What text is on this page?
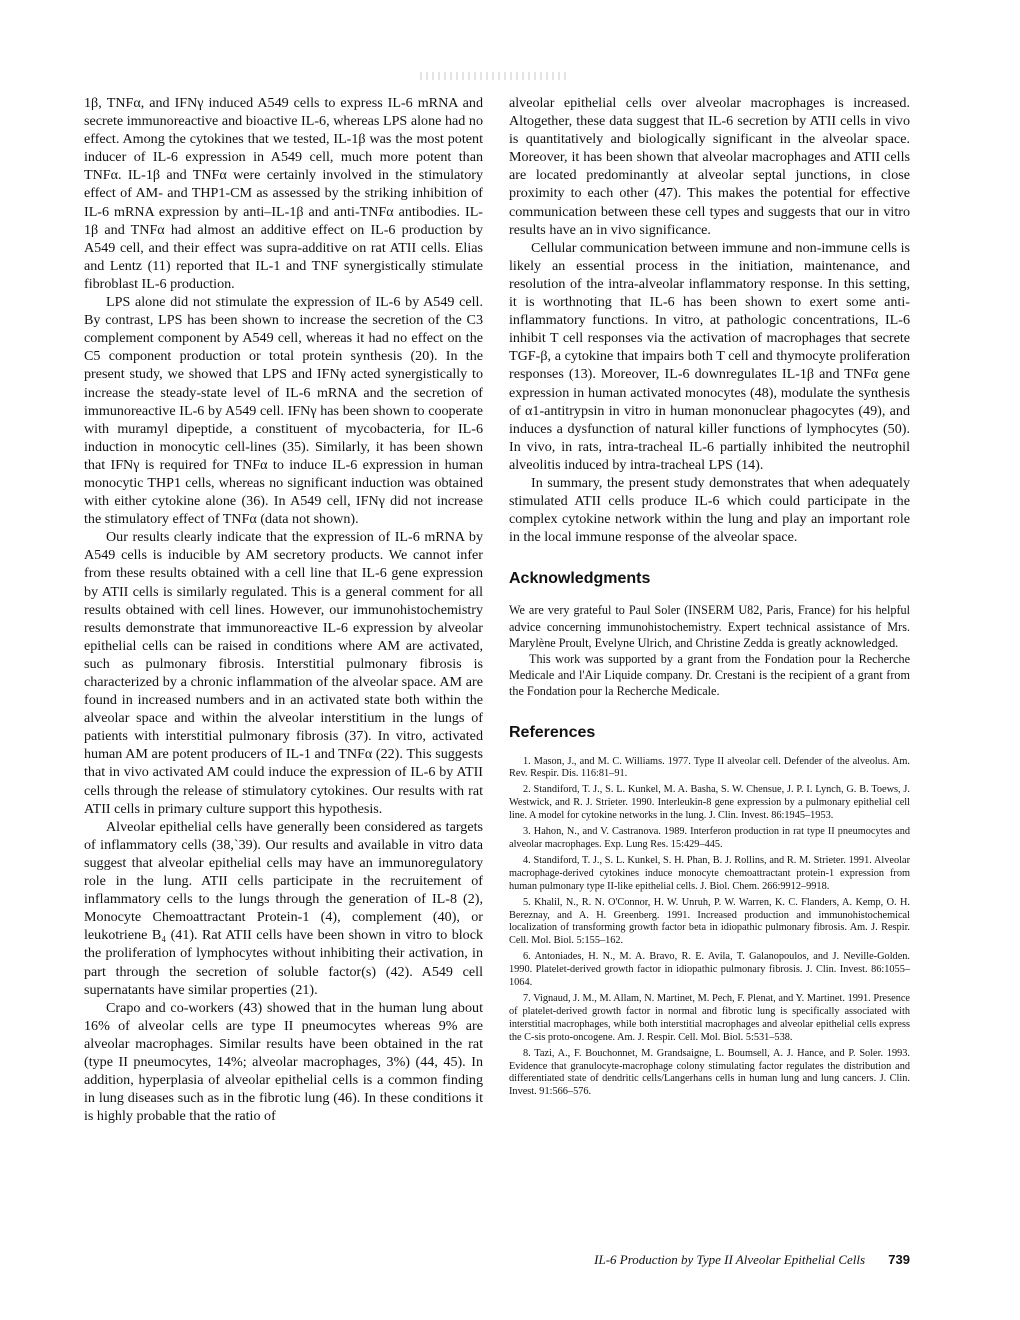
1β, TNFα, and IFNγ induced A549 cells to express IL-6 mRNA and secrete immunoreactive and bioactive IL-6, whereas LPS alone had no effect. Among the cytokines that we tested, IL-1β was the most potent inducer of IL-6 expression in A549 cell, much more potent than TNFα. IL-1β and TNFα were certainly involved in the stimulatory effect of AM- and THP1-CM as assessed by the striking inhibition of IL-6 mRNA expression by anti–IL-1β and anti-TNFα antibodies. IL-1β and TNFα had almost an additive effect on IL-6 production by A549 cell, and their effect was supra-additive on rat ATII cells. Elias and Lentz (11) reported that IL-1 and TNF synergistically stimulate fibroblast IL-6 production.

LPS alone did not stimulate the expression of IL-6 by A549 cell. By contrast, LPS has been shown to increase the secretion of the C3 complement component by A549 cell, whereas it had no effect on the C5 component production or total protein synthesis (20). In the present study, we showed that LPS and IFNγ acted synergistically to increase the steady-state level of IL-6 mRNA and the secretion of immunoreactive IL-6 by A549 cell. IFNγ has been shown to cooperate with muramyl dipeptide, a constituent of mycobacteria, for IL-6 induction in monocytic cell-lines (35). Similarly, it has been shown that IFNγ is required for TNFα to induce IL-6 expression in human monocytic THP1 cells, whereas no significant induction was obtained with either cytokine alone (36). In A549 cell, IFNγ did not increase the stimulatory effect of TNFα (data not shown).

Our results clearly indicate that the expression of IL-6 mRNA by A549 cells is inducible by AM secretory products. We cannot infer from these results obtained with a cell line that IL-6 gene expression by ATII cells is similarly regulated. This is a general comment for all results obtained with cell lines. However, our immunohistochemistry results demonstrate that immunoreactive IL-6 expression by alveolar epithelial cells can be raised in conditions where AM are activated, such as pulmonary fibrosis. Interstitial pulmonary fibrosis is characterized by a chronic inflammation of the alveolar space. AM are found in increased numbers and in an activated state both within the alveolar space and within the alveolar interstitium in the lungs of patients with interstitial pulmonary fibrosis (37). In vitro, activated human AM are potent producers of IL-1 and TNFα (22). This suggests that in vivo activated AM could induce the expression of IL-6 by ATII cells through the release of stimulatory cytokines. Our results with rat ATII cells in primary culture support this hypothesis.

Alveolar epithelial cells have generally been considered as targets of inflammatory cells (38,`39). Our results and available in vitro data suggest that alveolar epithelial cells may have an immunoregulatory role in the lung. ATII cells participate in the recruitement of inflammatory cells to the lungs through the generation of IL-8 (2), Monocyte Chemoattractant Protein-1 (4), complement (40), or leukotriene B₄ (41). Rat ATII cells have been shown in vitro to block the proliferation of lymphocytes without inhibiting their activation, in part through the secretion of soluble factor(s) (42). A549 cell supernatants have similar properties (21).

Crapo and co-workers (43) showed that in the human lung about 16% of alveolar cells are type II pneumocytes whereas 9% are alveolar macrophages. Similar results have been obtained in the rat (type II pneumocytes, 14%; alveolar macrophages, 3%) (44, 45). In addition, hyperplasia of alveolar epithelial cells is a common finding in lung diseases such as in the fibrotic lung (46). In these conditions it is highly probable that the ratio of

alveolar epithelial cells over alveolar macrophages is increased. Altogether, these data suggest that IL-6 secretion by ATII cells in vivo is quantitatively and biologically significant in the alveolar space. Moreover, it has been shown that alveolar macrophages and ATII cells are located predominantly at alveolar septal junctions, in close proximity to each other (47). This makes the potential for effective communication between these cell types and suggests that our in vitro results have an in vivo significance.

Cellular communication between immune and non-immune cells is likely an essential process in the initiation, maintenance, and resolution of the intra-alveolar inflammatory response. In this setting, it is worthnoting that IL-6 has been shown to exert some anti-inflammatory functions. In vitro, at pathologic concentrations, IL-6 inhibit T cell responses via the activation of macrophages that secrete TGF-β, a cytokine that impairs both T cell and thymocyte proliferation responses (13). Moreover, IL-6 downregulates IL-1β and TNFα gene expression in human activated monocytes (48), modulate the synthesis of α1-antitrypsin in vitro in human mononuclear phagocytes (49), and induces a dysfunction of natural killer functions of lymphocytes (50). In vivo, in rats, intra-tracheal IL-6 partially inhibited the neutrophil alveolitis induced by intra-tracheal LPS (14).

In summary, the present study demonstrates that when adequately stimulated ATII cells produce IL-6 which could participate in the complex cytokine network within the lung and play an important role in the local immune response of the alveolar space.

Acknowledgments

We are very grateful to Paul Soler (INSERM U82, Paris, France) for his helpful advice concerning immunohistochemistry. Expert technical assistance of Mrs. Marylène Proult, Evelyne Ulrich, and Christine Zedda is greatly acknowledged.

This work was supported by a grant from the Fondation pour la Recherche Medicale and l'Air Liquide company. Dr. Crestani is the recipient of a grant from the Fondation pour la Recherche Medicale.

References
1. Mason, J., and M. C. Williams. 1977. Type II alveolar cell. Defender of the alveolus. Am. Rev. Respir. Dis. 116:81–91.
2. Standiford, T. J., S. L. Kunkel, M. A. Basha, S. W. Chensue, J. P. I. Lynch, G. B. Toews, J. Westwick, and R. J. Strieter. 1990. Interleukin-8 gene expression by a pulmonary epithelial cell line. A model for cytokine networks in the lung. J. Clin. Invest. 86:1945–1953.
3. Hahon, N., and V. Castranova. 1989. Interferon production in rat type II pneumocytes and alveolar macrophages. Exp. Lung Res. 15:429–445.
4. Standiford, T. J., S. L. Kunkel, S. H. Phan, B. J. Rollins, and R. M. Strieter. 1991. Alveolar macrophage-derived cytokines induce monocyte chemoattractant protein-1 expression from human pulmonary type II-like epithelial cells. J. Biol. Chem. 266:9912–9918.
5. Khalil, N., R. N. O'Connor, H. W. Unruh, P. W. Warren, K. C. Flanders, A. Kemp, O. H. Bereznay, and A. H. Greenberg. 1991. Increased production and immunohistochemical localization of transforming growth factor beta in idiopathic pulmonary fibrosis. Am. J. Respir. Cell. Mol. Biol. 5:155–162.
6. Antoniades, H. N., M. A. Bravo, R. E. Avila, T. Galanopoulos, and J. Neville-Golden. 1990. Platelet-derived growth factor in idiopathic pulmonary fibrosis. J. Clin. Invest. 86:1055–1064.
7. Vignaud, J. M., M. Allam, N. Martinet, M. Pech, F. Plenat, and Y. Martinet. 1991. Presence of platelet-derived growth factor in normal and fibrotic lung is specifically associated with interstitial macrophages, while both interstitial macrophages and alveolar epithelial cells express the C-sis proto-oncogene. Am. J. Respir. Cell. Mol. Biol. 5:531–538.
8. Tazi, A., F. Bouchonnet, M. Grandsaigne, L. Boumsell, A. J. Hance, and P. Soler. 1993. Evidence that granulocyte-macrophage colony stimulating factor regulates the distribution and differentiated state of dendritic cells/Langerhans cells in human lung and lung cancers. J. Clin. Invest. 91:566–576.
IL-6 Production by Type II Alveolar Epithelial Cells 739
